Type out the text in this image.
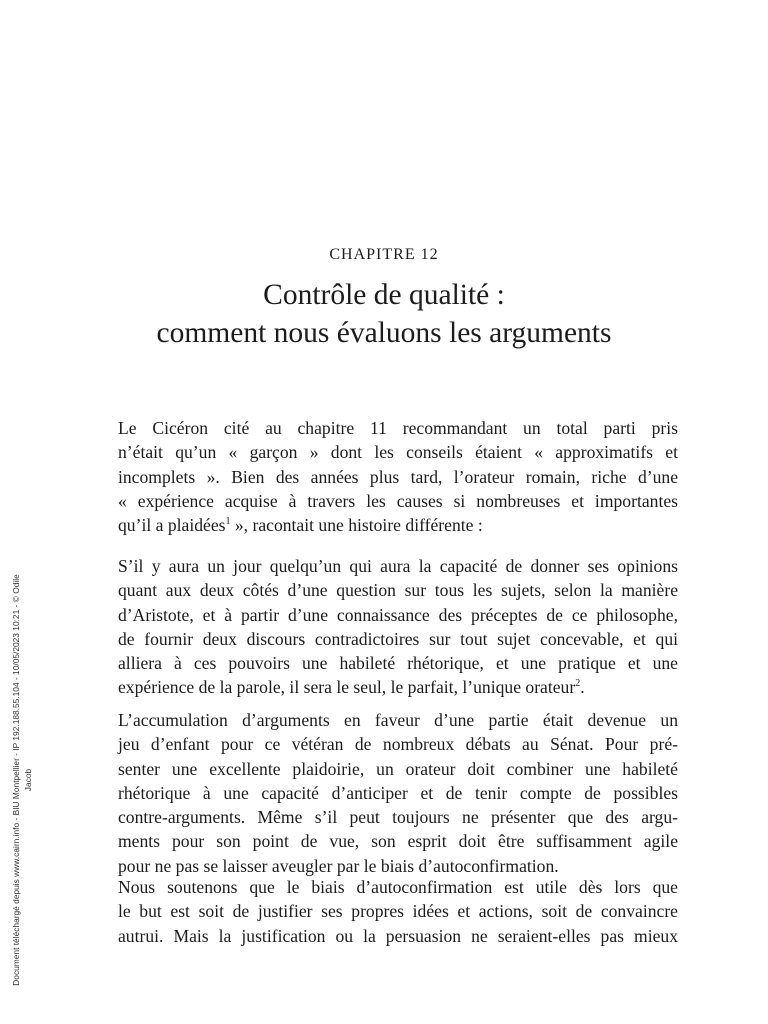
CHAPITRE 12
Contrôle de qualité :
comment nous évaluons les arguments
Le Cicéron cité au chapitre 11 recommandant un total parti pris
n’était qu’un « garçon » dont les conseils étaient « approximatifs et
incomplets ». Bien des années plus tard, l’orateur romain, riche d’une
« expérience acquise à travers les causes si nombreuses et importantes
qu’il a plaidées$^1$ », racontait une histoire différente :
S’il y aura un jour quelqu’un qui aura la capacité de donner ses opinions
quant aux deux côtés d’une question sur tous les sujets, selon la manière
d’Aristote, et à partir d’une connaissance des préceptes de ce philosophe,
de fournir deux discours contradictoires sur tout sujet concevable, et qui
alliera à ces pouvoirs une habileté rhétorique, et une pratique et une
expérience de la parole, il sera le seul, le parfait, l’unique orateur$^2$.
L’accumulation d’arguments en faveur d’une partie était devenue un
jeu d’enfant pour ce vétéran de nombreux débats au Sénat. Pour pré-
senter une excellente plaidoirie, un orateur doit combiner une habileté
rhétorique à une capacité d’anticiper et de tenir compte de possibles
contre-arguments. Même s’il peut toujours ne présenter que des argu-
ments pour son point de vue, son esprit doit être suffisamment agile
pour ne pas se laisser aveugler par le biais d’autoconfirmation.
Nous soutenons que le biais d’autoconfirmation est utile dès lors que
le but est soit de justifier ses propres idées et actions, soit de convaincre
autrui. Mais la justification ou la persuasion ne seraient-elles pas mieux
Document téléchargé depuis www.cairn.info - BIU Montpellier - IP 192.188.55.104 - 10/05/2023 10:21 - © Odile Jacob
